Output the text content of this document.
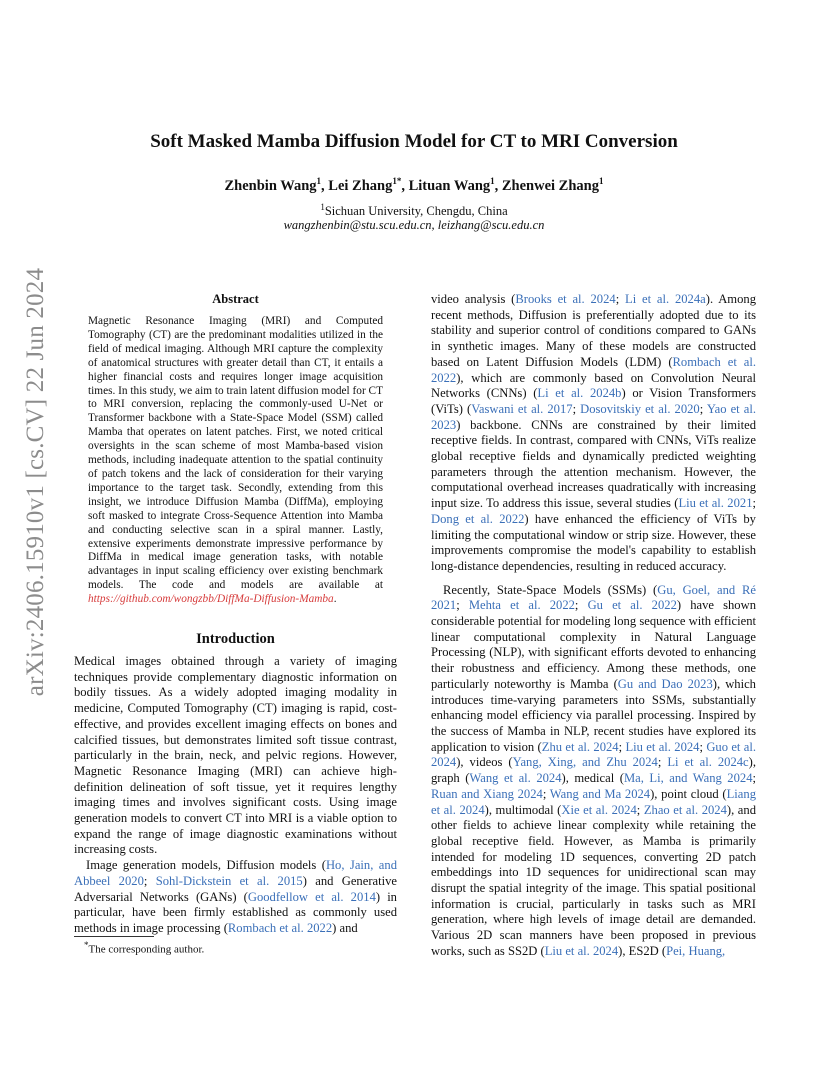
arXiv:2406.15910v1 [cs.CV] 22 Jun 2024
Soft Masked Mamba Diffusion Model for CT to MRI Conversion
Zhenbin Wang$^1$, Lei Zhang$^{1*}$, Lituan Wang$^1$, Zhenwei Zhang$^1$
$^1$Sichuan University, Chengdu, China
wangzhenbin@stu.scu.edu.cn, leizhang@scu.edu.cn
Abstract

Magnetic Resonance Imaging (MRI) and Computed Tomography (CT) are the predominant modalities utilized in the field of medical imaging. Although MRI capture the complexity of anatomical structures with greater detail than CT, it entails a higher financial costs and requires longer image acquisition times. In this study, we aim to train latent diffusion model for CT to MRI conversion, replacing the commonly-used U-Net or Transformer backbone with a State-Space Model (SSM) called Mamba that operates on latent patches. First, we noted critical oversights in the scan scheme of most Mamba-based vision methods, including inadequate attention to the spatial continuity of patch tokens and the lack of consideration for their varying importance to the target task. Secondly, extending from this insight, we introduce Diffusion Mamba (DiffMa), employing soft masked to integrate Cross-Sequence Attention into Mamba and conducting selective scan in a spiral manner. Lastly, extensive experiments demonstrate impressive performance by DiffMa in medical image generation tasks, with notable advantages in input scaling efficiency over existing benchmark models. The code and models are available at https://github.com/wongzbb/DiffMa-Diffusion-Mamba.

Introduction

Medical images obtained through a variety of imaging techniques provide complementary diagnostic information on bodily tissues. As a widely adopted imaging modality in medicine, Computed Tomography (CT) imaging is rapid, cost-effective, and provides excellent imaging effects on bones and calcified tissues, but demonstrates limited soft tissue contrast, particularly in the brain, neck, and pelvic regions. However, Magnetic Resonance Imaging (MRI) can achieve high-definition delineation of soft tissue, yet it requires lengthy imaging times and involves significant costs. Using image generation models to convert CT into MRI is a viable option to expand the range of image diagnostic examinations without increasing costs.

Image generation models, Diffusion models (Ho, Jain, and Abbeel 2020; Sohl-Dickstein et al. 2015) and Generative Adversarial Networks (GANs) (Goodfellow et al. 2014) in particular, have been firmly established as commonly used methods in image processing (Rombach et al. 2022) and

video analysis (Brooks et al. 2024; Li et al. 2024a). Among recent methods, Diffusion is preferentially adopted due to its stability and superior control of conditions compared to GANs in synthetic images. Many of these models are constructed based on Latent Diffusion Models (LDM) (Rombach et al. 2022), which are commonly based on Convolution Neural Networks (CNNs) (Li et al. 2024b) or Vision Transformers (ViTs) (Vaswani et al. 2017; Dosovitskiy et al. 2020; Yao et al. 2023) backbone. CNNs are constrained by their limited receptive fields. In contrast, compared with CNNs, ViTs realize global receptive fields and dynamically predicted weighting parameters through the attention mechanism. However, the computational overhead increases quadratically with increasing input size. To address this issue, several studies (Liu et al. 2021; Dong et al. 2022) have enhanced the efficiency of ViTs by limiting the computational window or strip size. However, these improvements compromise the model's capability to establish long-distance dependencies, resulting in reduced accuracy.

Recently, State-Space Models (SSMs) (Gu, Goel, and Ré 2021; Mehta et al. 2022; Gu et al. 2022) have shown considerable potential for modeling long sequence with efficient linear computational complexity in Natural Language Processing (NLP), with significant efforts devoted to enhancing their robustness and efficiency. Among these methods, one particularly noteworthy is Mamba (Gu and Dao 2023), which introduces time-varying parameters into SSMs, substantially enhancing model efficiency via parallel processing. Inspired by the success of Mamba in NLP, recent studies have explored its application to vision (Zhu et al. 2024; Liu et al. 2024; Guo et al. 2024), videos (Yang, Xing, and Zhu 2024; Li et al. 2024c), graph (Wang et al. 2024), medical (Ma, Li, and Wang 2024; Ruan and Xiang 2024; Wang and Ma 2024), point cloud (Liang et al. 2024), multimodal (Xie et al. 2024; Zhao et al. 2024), and other fields to achieve linear complexity while retaining the global receptive field. However, as Mamba is primarily intended for modeling 1D sequences, converting 2D patch embeddings into 1D sequences for unidirectional scan may disrupt the spatial integrity of the image. This spatial positional information is crucial, particularly in tasks such as MRI generation, where high levels of image detail are demanded. Various 2D scan manners have been proposed in previous works, such as SS2D (Liu et al. 2024), ES2D (Pei, Huang,

*The corresponding author.
